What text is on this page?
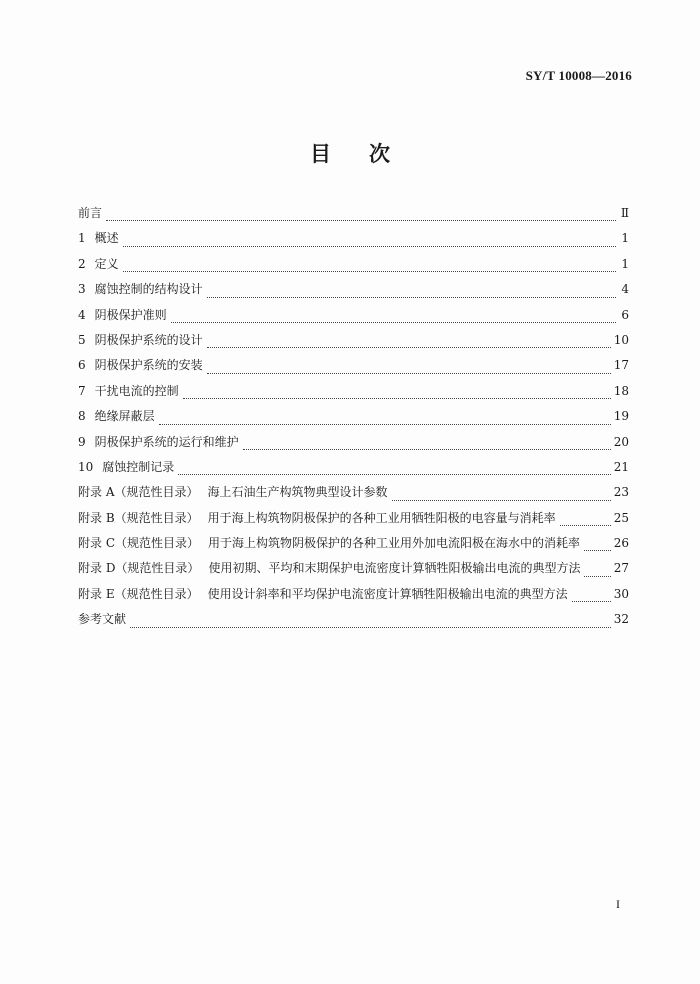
SY/T 10008—2016
目次
前言	Ⅱ
1 概述	1
2 定义	1
3 腐蚀控制的结构设计	4
4 阴极保护准则	6
5 阴极保护系统的设计	10
6 阴极保护系统的安装	17
7 干扰电流的控制	18
8 绝缘屏蔽层	19
9 阴极保护系统的运行和维护	20
10 腐蚀控制记录	21
附录 A（规范性目录） 海上石油生产构筑物典型设计参数	23
附录 B（规范性目录） 用于海上构筑物阴极保护的各种工业用牺牲阳极的电容量与消耗率	25
附录 C（规范性目录） 用于海上构筑物阴极保护的各种工业用外加电流阳极在海水中的消耗率	26
附录 D（规范性目录） 使用初期、平均和末期保护电流密度计算牺牲阳极输出电流的典型方法	27
附录 E（规范性目录） 使用设计斜率和平均保护电流密度计算牺牲阳极输出电流的典型方法	30
参考文献	32
I
